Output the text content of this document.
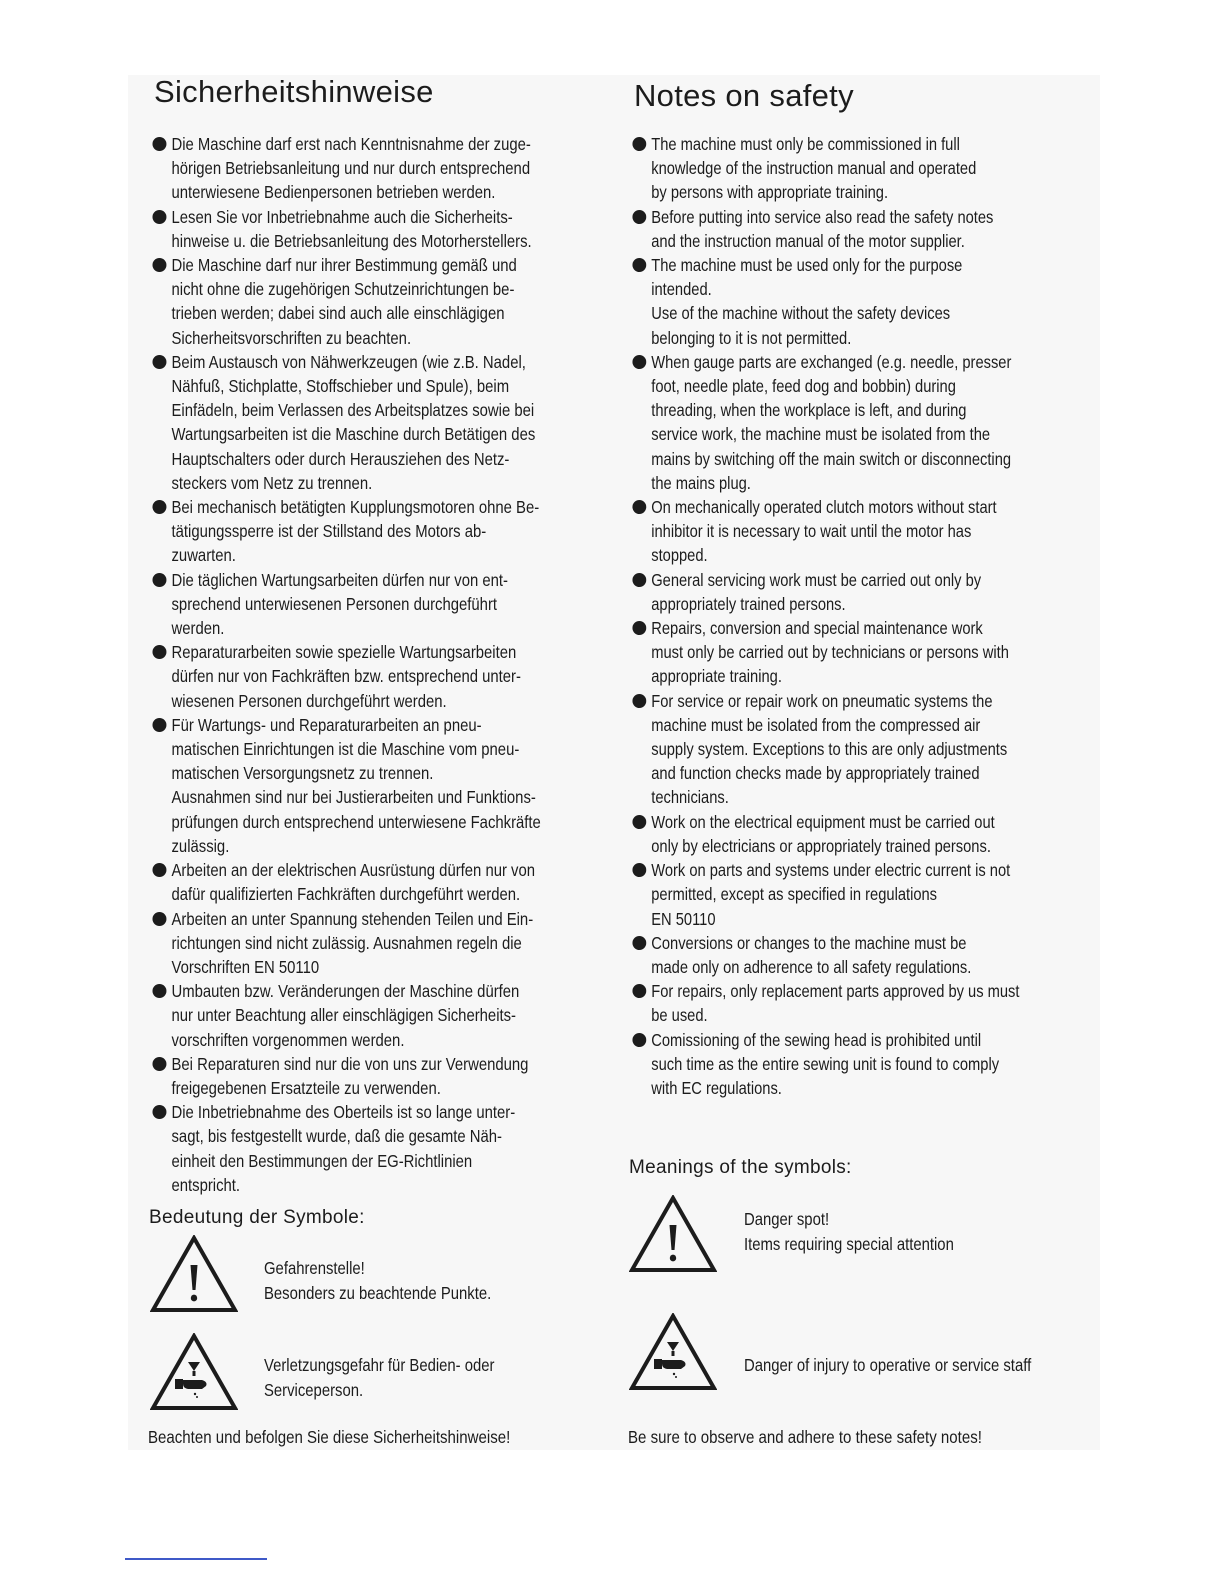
Sicherheitshinweise
Die Maschine darf erst nach Kenntnisnahme der zuge-
hörigen Betriebsanleitung und nur durch entsprechend
unterwiesene Bedienpersonen betrieben werden.
Lesen Sie vor Inbetriebnahme auch die Sicherheits-
hinweise u. die Betriebsanleitung des Motorherstellers.
Die Maschine darf nur ihrer Bestimmung gemäß und
nicht ohne die zugehörigen Schutzeinrichtungen be-
trieben werden; dabei sind auch alle einschlägigen
Sicherheitsvorschriften zu beachten.
Beim Austausch von Nähwerkzeugen (wie z.B. Nadel,
Nähfuß, Stichplatte, Stoffschieber und Spule), beim
Einfädeln, beim Verlassen des Arbeitsplatzes sowie bei
Wartungsarbeiten ist die Maschine durch Betätigen des
Hauptschalters oder durch Herausziehen des Netz-
steckers vom Netz zu trennen.
Bei mechanisch betätigten Kupplungsmotoren ohne Be-
tätigungssperre ist der Stillstand des Motors ab-
zuwarten.
Die täglichen Wartungsarbeiten dürfen nur von ent-
sprechend unterwiesenen Personen durchgeführt
werden.
Reparaturarbeiten sowie spezielle Wartungsarbeiten
dürfen nur von Fachkräften bzw. entsprechend unter-
wiesenen Personen durchgeführt werden.
Für Wartungs- und Reparaturarbeiten an pneu-
matischen Einrichtungen ist die Maschine vom pneu-
matischen Versorgungsnetz zu trennen.
Ausnahmen sind nur bei Justierarbeiten und Funktions-
prüfungen durch entsprechend unterwiesene Fachkräfte
zulässig.
Arbeiten an der elektrischen Ausrüstung dürfen nur von
dafür qualifizierten Fachkräften durchgeführt werden.
Arbeiten an unter Spannung stehenden Teilen und Ein-
richtungen sind nicht zulässig. Ausnahmen regeln die
Vorschriften EN 50110
Umbauten bzw. Veränderungen der Maschine dürfen
nur unter Beachtung aller einschlägigen Sicherheits-
vorschriften vorgenommen werden.
Bei Reparaturen sind nur die von uns zur Verwendung
freigegebenen Ersatzteile zu verwenden.
Die Inbetriebnahme des Oberteils ist so lange unter-
sagt, bis festgestellt wurde, daß die gesamte Näh-
einheit den Bestimmungen der EG-Richtlinien
entspricht.
Bedeutung der Symbole:
Gefahrenstelle!
Besonders zu beachtende Punkte.
Verletzungsgefahr für Bedien- oder
Serviceperson.
Beachten und befolgen Sie diese Sicherheitshinweise!
Notes on safety
The machine must only be commissioned in full
knowledge of the instruction manual and operated
by persons with appropriate training.
Before putting into service also read the safety notes
and the instruction manual of the motor supplier.
The machine must be used only for the purpose
intended.
Use of the machine without the safety devices
belonging to it is not permitted.
When gauge parts are exchanged (e.g. needle, presser
foot, needle plate, feed dog and bobbin) during
threading, when the workplace is left, and during
service work, the machine must be isolated from the
mains by switching off the main switch or disconnecting
the mains plug.
On mechanically operated clutch motors without start
inhibitor it is necessary to wait until the motor has
stopped.
General servicing work must be carried out only by
appropriately trained persons.
Repairs, conversion and special maintenance work
must only be carried out by technicians or persons with
appropriate training.
For service or repair work on pneumatic systems the
machine must be isolated from the compressed air
supply system. Exceptions to this are only adjustments
and function checks made by appropriately trained
technicians.
Work on the electrical equipment must be carried out
only by electricians or appropriately trained persons.
Work on parts and systems under electric current is not
permitted, except as specified in regulations
EN 50110
Conversions or changes to the machine must be
made only on adherence to all safety regulations.
For repairs, only replacement parts approved by us must
be used.
Comissioning of the sewing head is prohibited until
such time as the entire sewing unit is found to comply
with EC regulations.
Meanings of the symbols:
Danger spot!
Items requiring special attention
Danger of injury to operative or service staff
Be sure to observe and adhere to these safety notes!
